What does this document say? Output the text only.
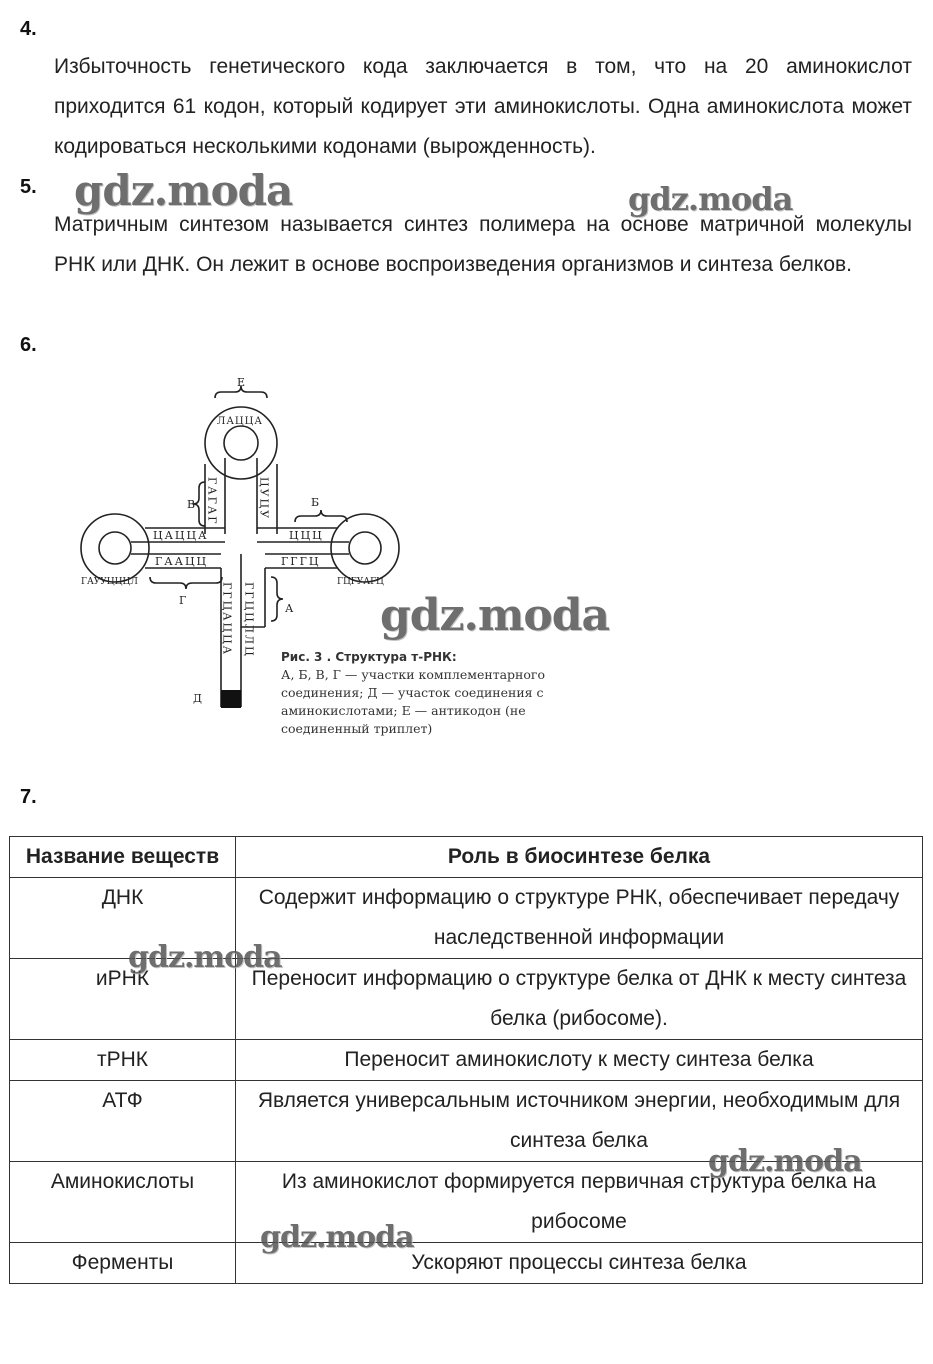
4.
Избыточность генетического кода заключается в том, что на 20 аминокислот приходится 61 кодон, который кодирует эти аминокислоты. Одна аминокислота может кодироваться несколькими кодонами (вырожденность).
5.
Матричным синтезом называется синтез полимера на основе матричной молекулы РНК или ДНК. Он лежит в основе воспроизведения организмов и синтеза белков.
6.
ГАГАГ	ЦУЦУ
ГГЦАЦЦА ГГЦЦЛЛЦ
ЦАЦЦА
ГААЦЦ
ЦЦЦ
ГГГЦ
ЛАЦЦА
ГАУУЦЦЦЛ	ГЦГУАГЦ
Е
Б
В
Г
А
Д
Рис. 3 . Структура т-РНК:
А, Б, В, Г — участки комплементарного соединения; Д — участок соединения с аминокислотами; Е — антикодон (не соединенный триплет)
7.
Название веществ	Роль в биосинтезе белка
ДНК	Содержит информацию о структуре РНК, обеспечивает передачу наследственной информации
иРНК	Переносит информацию о структуре белка от ДНК к месту синтеза белка (рибосоме).
тРНК	Переносит аминокислоту к месту синтеза белка
АТФ	Является универсальным источником энергии, необходимым для синтеза белка
Аминокислоты	Из аминокислот формируется первичная структура белка на рибосоме
Ферменты	Ускоряют процессы синтеза белка
gdz.moda	gdz.moda
gdz.moda
gdz.moda
gdz.moda
gdz.moda
